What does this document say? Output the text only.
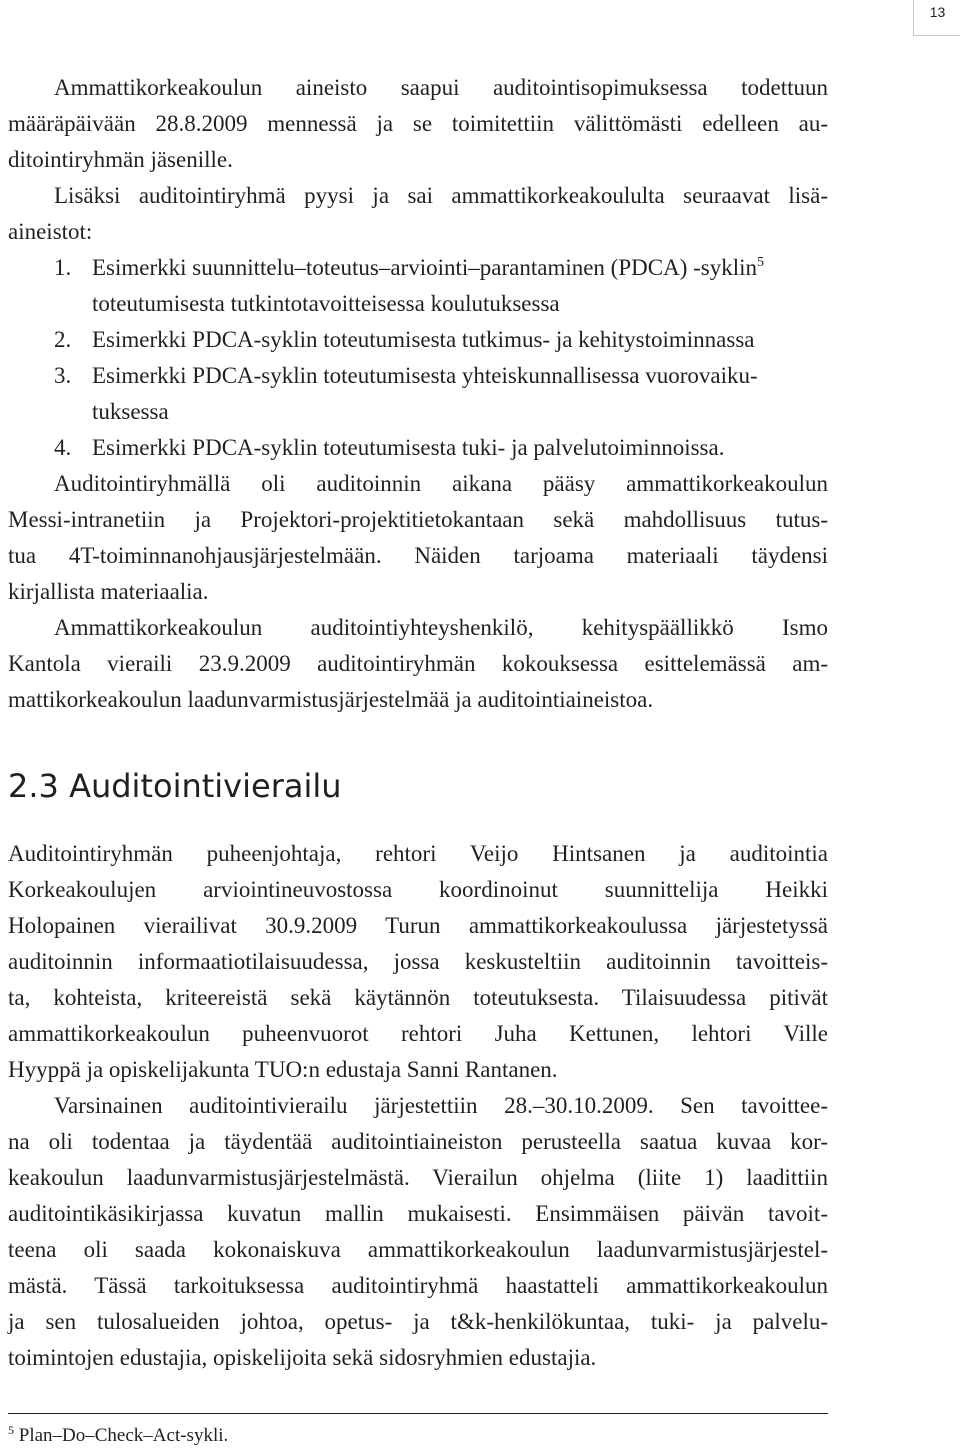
13
Ammattikorkeakoulun aineisto saapui auditointisopimuksessa todettuun
määräpäivään 28.8.2009 mennessä ja se toimitettiin välittömästi edelleen au-
ditointiryhmän jäsenille.
Lisäksi auditointiryhmä pyysi ja sai ammattikorkeakoululta seuraavat lisä-
aineistot:
1. Esimerkki suunnittelu–toteutus–arviointi–parantaminen (PDCA) -syklin$^5$
toteutumisesta tutkintotavoitteisessa koulutuksessa
2. Esimerkki PDCA-syklin toteutumisesta tutkimus- ja kehitystoiminnassa
3. Esimerkki PDCA-syklin toteutumisesta yhteiskunnallisessa vuorovaiku-
tuksessa
4. Esimerkki PDCA-syklin toteutumisesta tuki- ja palvelutoiminnoissa.
Auditointiryhmällä oli auditoinnin aikana pääsy ammattikorkeakoulun
Messi-intranetiin ja Projektori-projektitietokantaan sekä mahdollisuus tutus-
tua 4T-toiminnanohjausjärjestelmään. Näiden tarjoama materiaali täydensi
kirjallista materiaalia.
Ammattikorkeakoulun auditointiyhteyshenkilö, kehityspäällikkö Ismo
Kantola vieraili 23.9.2009 auditointiryhmän kokouksessa esittelemässä am-
mattikorkeakoulun laadunvarmistusjärjestelmää ja auditointiaineistoa.
2.3 Auditointivierailu
Auditointiryhmän puheenjohtaja, rehtori Veijo Hintsanen ja auditointia
Korkeakoulujen arviointineuvostossa koordinoinut suunnittelija Heikki
Holopainen vierailivat 30.9.2009 Turun ammattikorkeakoulussa järjestetyssä
auditoinnin informaatiotilaisuudessa, jossa keskusteltiin auditoinnin tavoitteis-
ta, kohteista, kriteereistä sekä käytännön toteutuksesta. Tilaisuudessa pitivät
ammattikorkeakoulun puheenvuorot rehtori Juha Kettunen, lehtori Ville
Hyyppä ja opiskelijakunta TUO:n edustaja Sanni Rantanen.
Varsinainen auditointivierailu järjestettiin 28.–30.10.2009. Sen tavoittee-
na oli todentaa ja täydentää auditointiaineiston perusteella saatua kuvaa kor-
keakoulun laadunvarmistusjärjestelmästä. Vierailun ohjelma (liite 1) laadittiin
auditointikäsikirjassa kuvatun mallin mukaisesti. Ensimmäisen päivän tavoit-
teena oli saada kokonaiskuva ammattikorkeakoulun laadunvarmistusjärjestel-
mästä. Tässä tarkoituksessa auditointiryhmä haastatteli ammattikorkeakoulun
ja sen tulosalueiden johtoa, opetus- ja t&k-henkilökuntaa, tuki- ja palvelu-
toimintojen edustajia, opiskelijoita sekä sidosryhmien edustajia.
$^5$ Plan–Do–Check–Act-sykli.
